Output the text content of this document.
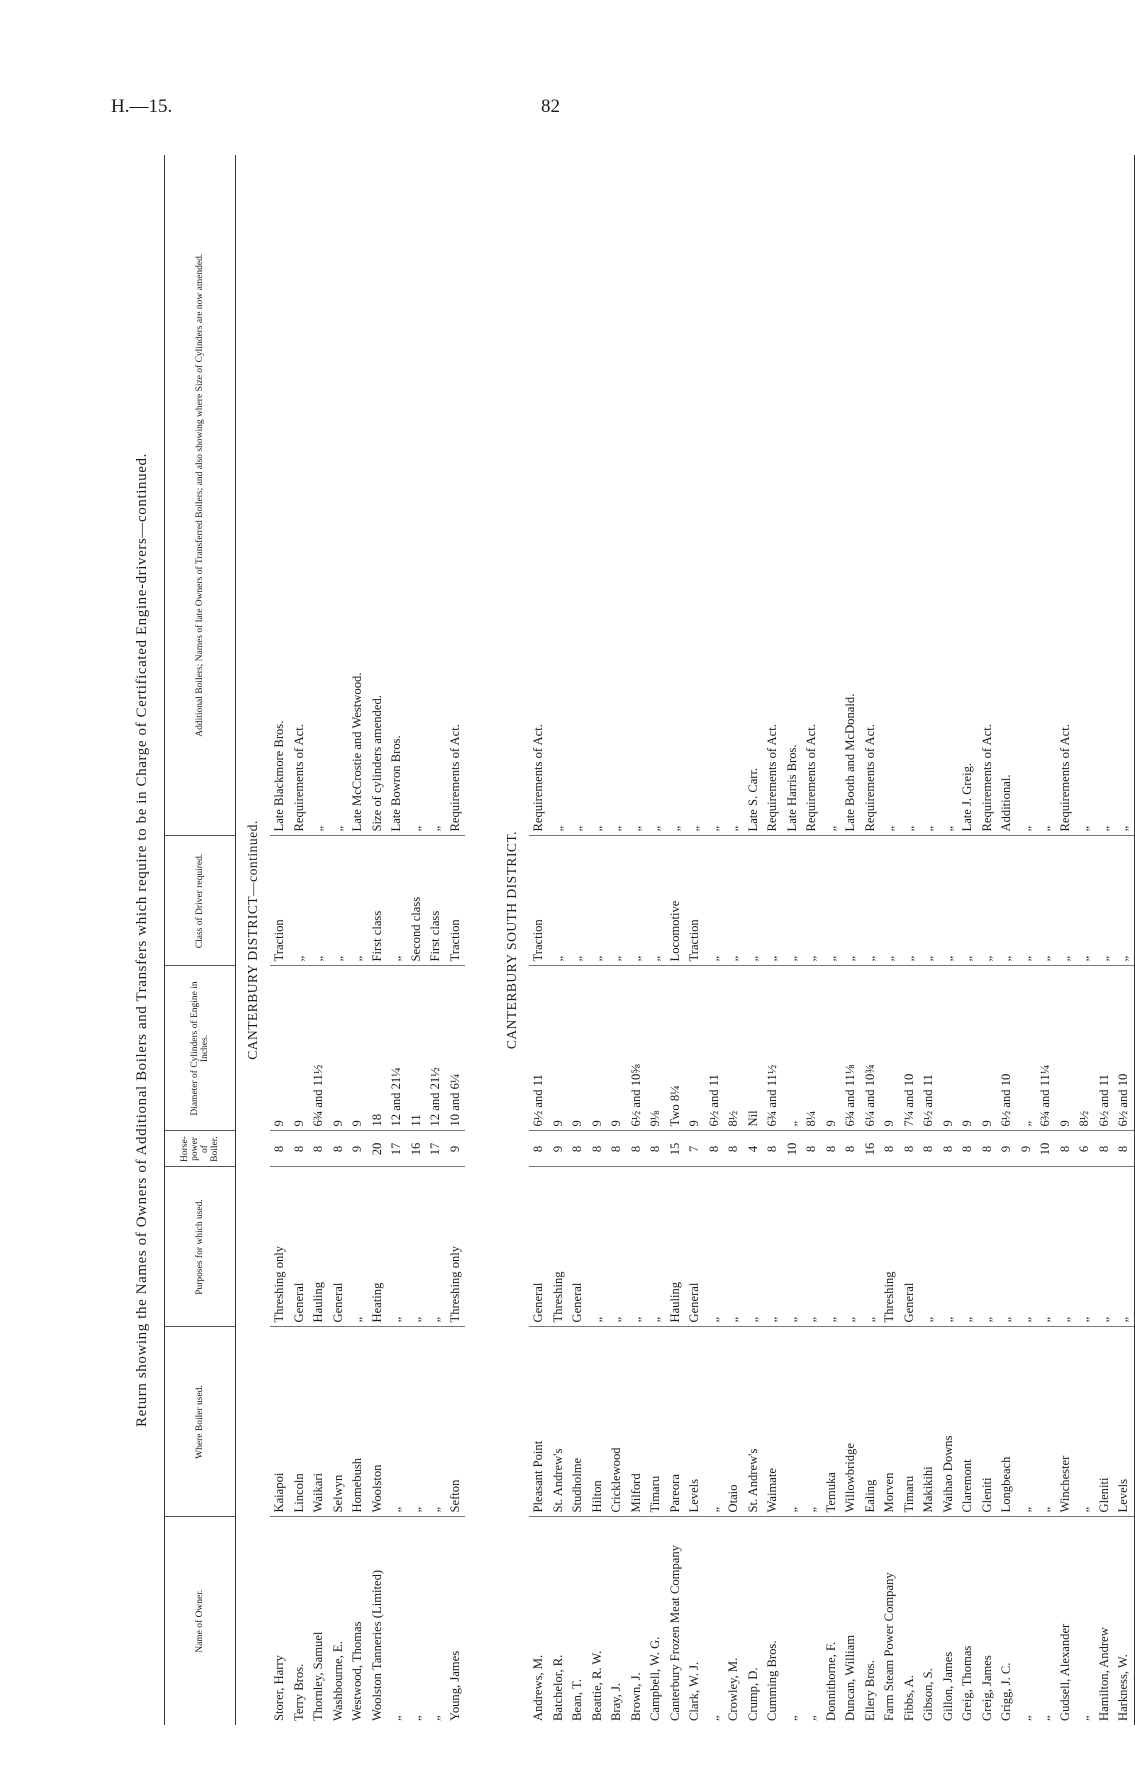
H.—15.	82
Return showing the Names of Owners of Additional Boilers and Transfers which require to be in Charge of Certificated Engine-drivers—continued.
Name of Owner.	Where Boiler used.	Purposes for which used.	Horse-power of Boiler.	Diameter of Cylinders of Engine in Inches.	Class of Driver required.	Additional Boilers; Names of late Owners of Transferred Boilers; and also showing where Size of Cylinders are now amended.
CANTERBURY DISTRICT—continued.						
Storer, Harry	Kaiapoi	Threshing only	8	9	Traction	Late Blackmore Bros.
Terry Bros.	Lincoln	General	8	9	„	Requirements of Act.
Thornley, Samuel	Waikari	Hauling	8	6¾ and 11½	„	„
Washbourne, E.	Selwyn	General	8	9	„	„
Westwood, Thomas	Homebush	„	9	9	„	Late McCrostie and Westwood.
Woolston Tanneries (Limited)	Woolston	Heating	20	18	First class	Size of cylinders amended.
„	„	„	17	12 and 21¼	„	Late Bowron Bros.
„	„	„	16	11	Second class	„
„	„	„	17	12 and 21½	First class	„
Young, James	Sefton	Threshing only	9	10 and 6¼	Traction	Requirements of Act.

CANTERBURY SOUTH DISTRICT.						
Andrews, M.	Pleasant Point	General	8	6½ and 11	Traction	Requirements of Act.
Batchelor, R.	St. Andrew's	Threshing	9	9	„	„
Bean, T.	Studholme	General	8	9	„	„
Beattie, R. W.	Hilton	„	8	9	„	„
Bray, J.	Cricklewood	„	8	9	„	„
Brown, J.	Milford	„	8	6½ and 10⅝	„	„
Campbell, W. G.	Timaru	„	8	9⅛	„	„
Canterbury Frozen Meat Company	Pareora	Hauling	15	Two 8¼	Locomotive	„
Clark, W. J.	Levels	General	7	9	Traction	„
„	„	„	8	6½ and 11	„	„
Crowley, M.	Otaio	„	8	8½	„	„
Crump, D.	St. Andrew's	„	4	Nil	„	Late S. Carr.
Cumming Bros.	Waimate	„	8	6¾ and 11½	„	Requirements of Act.
„	„	„	10	„	„	Late Harris Bros.
„	„	„	8	8¼	„	Requirements of Act.
Donnithorne, F.	Temuka	„	8	9	„	„
Duncan, William	Willowbridge	„	8	6¾ and 11⅛	„	Late Booth and McDonald.
Ellery Bros.	Ealing	„	16	6¼ and 10¾	„	Requirements of Act.
Farm Steam Power Company	Morven	Threshing	8	9	„	„
Fibbs, A.	Timaru	General	8	7¼ and 10	„	„
Gibson, S.	Makikihi	„	8	6½ and 11	„	„
Gillon, James	Waihao Downs	„	8	9	„	„
Greig, Thomas	Claremont	„	8	9	„	Late J. Greig.
Greig, James	Gleniti	„	8	9	„	Requirements of Act.
Grigg, J. C.	Longbeach	„	9	6½ and 10	„	Additional.
„	„	„	9	„	„	„
„	„	„	10	6¾ and 11¼	„	„
Gudsell, Alexander	Winchester	„	8	9	„	Requirements of Act.
„	„	„	6	8½	„	„
Hamilton, Andrew	Gleniti	„	8	6½ and 11	„	„
Harkness, W.	Levels	„	8	6½ and 10	„	„
